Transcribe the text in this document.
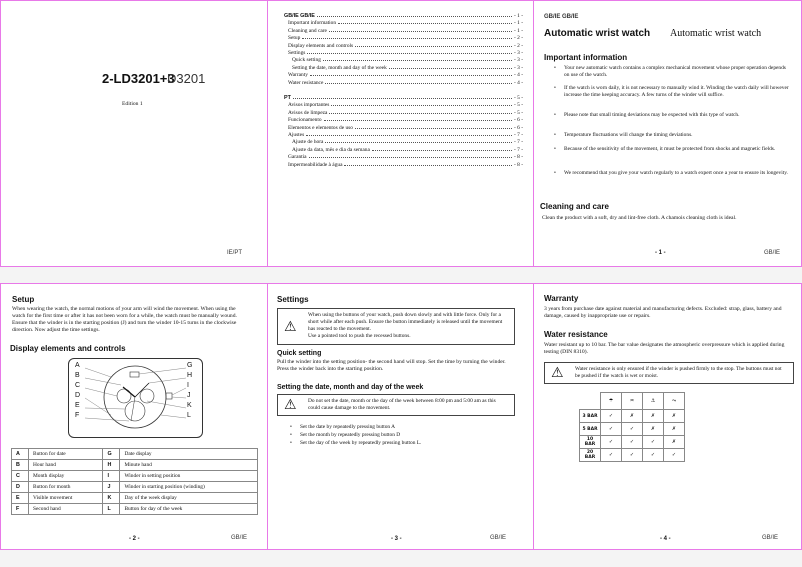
2-LD3201+3
D3201
Edition 1
IE/PT
GB/IE GB/IE	- 1 -
Important information	- 1 -
Cleaning and care	- 1 -
Setup	- 2 -
Display elements and controls	- 2 -
Settings	- 3 -
Quick setting	- 3 -
Setting the date, month and day of the week	- 3 -
Warranty	- 4 -
Water resistance	- 4 -
PT	- 5 -
Avisos importantes	- 5 -
Avisos de limpeza	- 5 -
Funcionamento	- 6 -
Elementos e elementos de uso	- 6 -
Ajustes	- 7 -
Ajuste de hora	- 7 -
Ajuste da data, mês e dia da semana	- 7 -
Garantia	- 8 -
Impermeabilidade à água	- 8 -
GB/IE GB/IE
Automatic wrist watch Automatic wrist watch
Important information
• Your new automatic watch contains a complex mechanical movement whose proper operation depends on use of the watch.
• If the watch is worn daily, it is not necessary to manually wind it. Winding the watch daily will however increase the time keeping accuracy. A few turns of the winder will suffice.
• Please note that small timing deviations may be expected with this type of watch.
• Temperature fluctuations will change the timing deviations.
• Because of the sensitivity of the movement, it must be protected from shocks and magnetic fields.
• We recommend that you give your watch regularly to a watch expert once a year to ensure its longevity.
Cleaning and care
Clean the product with a soft, dry and lint-free cloth. A chamois cleaning cloth is ideal.
- 1 -	GB/IE
Setup
When wearing the watch, the normal motions of your arm will wind the movement. When using the watch for the first time or after it has not been worn for a while, the watch must be manually wound. Ensure that the winder is in the starting position (J) and turn the winder 10-15 turns in the clockwise direction. Now adjust the time settings.
Display elements and controls
A
B
C
D
E
F
G
H
I
J
K
L
A	Button for date	G	Date display
B	Hour hand	H	Minute hand
C	Month display	I	Winder in setting position
D	Button for month	J	Winder in starting position (winding)
E	Visible movement	K	Day of the week display
F	Second hand	L	Button for day of the week
- 2 -	GB/IE
Settings
⚠
When using the buttons of your watch, push down slowly and with little force. Only for a short while after each push. Ensure the button immediately is released until the movement has reacted to the movement.
Use a pointed tool to push the recessed buttons.
Quick setting
Pull the winder into the setting position- the second hand will stop. Set the time by turning the winder. Press the winder back into the starting position.
Setting the date, month and day of the week
⚠ Do not set the date, month or the day of the week between 8:00 pm and 5:00 am as this could cause damage to the movement.
• Set the date by repeatedly pressing button A
• Set the month by repeatedly pressing button D
• Set the day of the week by repeatedly pressing button L.
- 3 -	GB/IE
Warranty
3 years from purchase date against material and manufacturing defects. Excluded: strap, glass, battery and damage, caused by inappropriate use or repairs.
Water resistance
Water resistant up to 10 bar. The bar value designates the atmospheric overpressure which is applied during testing (DIN 8310).
⚠ Water resistance is only ensured if the winder is pushed firmly to the stop. The buttons must not be pushed if the watch is wet or moist.
	☂	♒	⚓	⤳
3 BAR	✓	✗	✗	✗
5 BAR	✓	✓	✗	✗
10 BAR	✓	✓	✓	✗
20 BAR	✓	✓	✓	✓
- 4 -	GB/IE
